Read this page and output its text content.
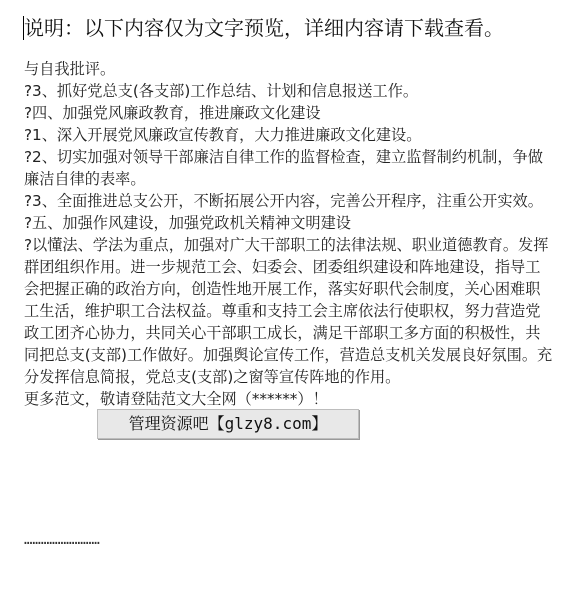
说明：以下内容仅为文字预览，详细内容请下载查看。

与自我批评。

?3、抓好党总支(各支部)工作总结、计划和信息报送工作。

?四、加强党风廉政教育，推进廉政文化建设

?1、深入开展党风廉政宣传教育，大力推进廉政文化建设。

?2、切实加强对领导干部廉洁自律工作的监督检查，建立监督制约机制，争做廉洁自律的表率。

?3、全面推进总支公开，不断拓展公开内容，完善公开程序，注重公开实效。

?五、加强作风建设，加强党政机关精神文明建设

?以懂法、学法为重点，加强对广大干部职工的法律法规、职业道德教育。发挥群团组织作用。进一步规范工会、妇委会、团委组织建设和阵地建设，指导工会把握正确的政治方向，创造性地开展工作，落实好职代会制度，关心困难职工生活，维护职工合法权益。尊重和支持工会主席依法行使职权，努力营造党政工团齐心协力，共同关心干部职工成长，满足干部职工多方面的积极性，共同把总支(支部)工作做好。加强舆论宣传工作，营造总支机关发展良好氛围。充分发挥信息简报，党总支(支部)之窗等宣传阵地的作用。

更多范文，敬请登陆范文大全网（******）！

………………………
管理资源吧【glzy8.com】
